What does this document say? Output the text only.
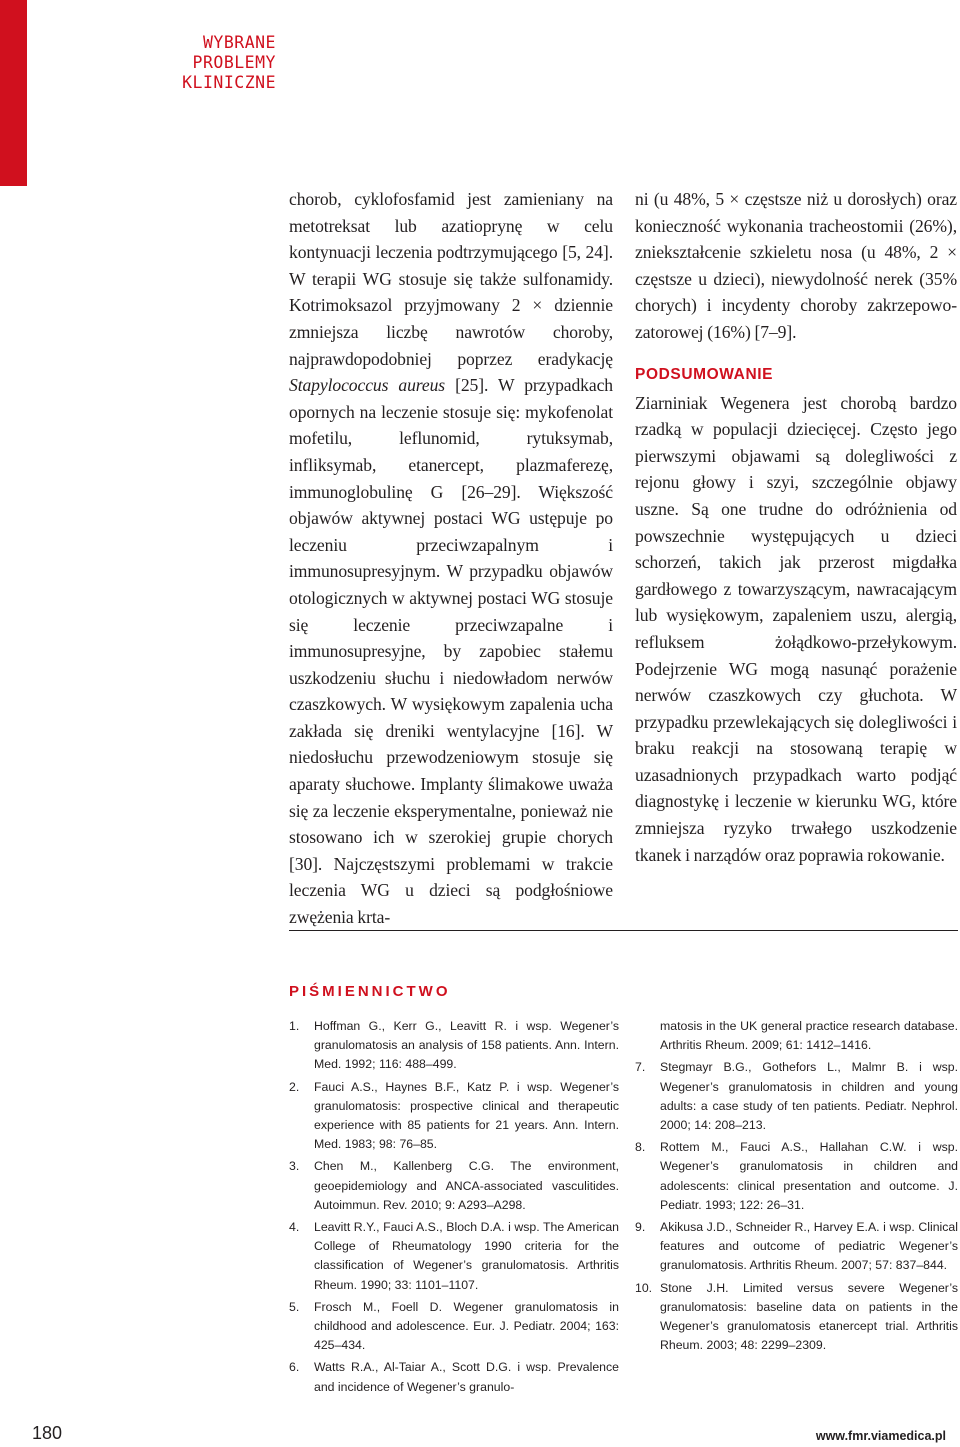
WYBRANE
PROBLEMY
KLINICZNE

chorob, cyklofosfamid jest zamieniany na metotreksat lub azatioprynę w celu kontynuacji leczenia podtrzymującego [5, 24]. W terapii WG stosuje się także sulfonamidy. Kotrimoksazol przyjmowany 2 × dziennie zmniejsza liczbę nawrotów choroby, najprawdopodobniej poprzez eradykację Stapylococcus aureus [25]. W przypadkach opornych na leczenie stosuje się: mykofenolat mofetilu, leflunomid, rytuksymab, infliksymab, etanercept, plazmaferezę, immunoglobulinę G [26–29]. Większość objawów aktywnej postaci WG ustępuje po leczeniu przeciwzapalnym i immunosupresyjnym. W przypadku objawów otologicznych w aktywnej postaci WG stosuje się leczenie przeciwzapalne i immunosupresyjne, by zapobiec stałemu uszkodzeniu słuchu i niedowładom nerwów czaszkowych. W wysiękowym zapalenia ucha zakłada się dreniki wentylacyjne [16]. W niedosłuchu przewodzeniowym stosuje się aparaty słuchowe. Implanty ślimakowe uważa się za leczenie eksperymentalne, ponieważ nie stosowano ich w szerokiej grupie chorych [30]. Najczęstszymi problemami w trakcie leczenia WG u dzieci są podgłośniowe zwężenia krta-

ni (u 48%, 5 × częstsze niż u dorosłych) oraz konieczność wykonania tracheostomii (26%), zniekształcenie szkieletu nosa (u 48%, 2 × częstsze u dzieci), niewydolność nerek (35% chorych) i incydenty choroby zakrzepowo-zatorowej (16%) [7–9].

PODSUMOWANIE

Ziarniniak Wegenera jest chorobą bardzo rzadką w populacji dziecięcej. Często jego pierwszymi objawami są dolegliwości z rejonu głowy i szyi, szczególnie objawy uszne. Są one trudne do odróżnienia od powszechnie występujących u dzieci schorzeń, takich jak przerost migdałka gardłowego z towarzyszącym, nawracającym lub wysiękowym, zapaleniem uszu, alergią, refluksem żołądkowo-przełykowym. Podejrzenie WG mogą nasunąć porażenie nerwów czaszkowych czy głuchota. W przypadku przewlekających się dolegliwości i braku reakcji na stosowaną terapię w uzasadnionych przypadkach warto podjąć diagnostykę i leczenie w kierunku WG, które zmniejsza ryzyko trwałego uszkodzenie tkanek i narządów oraz poprawia rokowanie.

PIŚMIENNICTWO
1.	Hoffman G., Kerr G., Leavitt R. i wsp. Wegener’s granulomatosis an analysis of 158 patients. Ann. Intern. Med. 1992; 116: 488–499.
2.	Fauci A.S., Haynes B.F., Katz P. i wsp. Wegener’s granulomatosis: prospective clinical and therapeutic experience with 85 patients for 21 years. Ann. Intern. Med. 1983; 98: 76–85.
3.	Chen M., Kallenberg C.G. The environment, geoepidemiology and ANCA-associated vasculitides. Autoimmun. Rev. 2010; 9: A293–A298.
4.	Leavitt R.Y., Fauci A.S., Bloch D.A. i wsp. The American College of Rheumatology 1990 criteria for the classification of Wegener’s granulomatosis. Arthritis Rheum. 1990; 33: 1101–1107.
5.	Frosch M., Foell D. Wegener granulomatosis in childhood and adolescence. Eur. J. Pediatr. 2004; 163: 425–434.
6.	Watts R.A., Al-Taiar A., Scott D.G. i wsp. Prevalence and incidence of Wegener’s granulo-
matosis in the UK general practice research database. Arthritis Rheum. 2009; 61: 1412–1416.
7.	Stegmayr B.G., Gothefors L., Malmr B. i wsp. Wegener’s granulomatosis in children and young adults: a case study of ten patients. Pediatr. Nephrol. 2000; 14: 208–213.
8.	Rottem M., Fauci A.S., Hallahan C.W. i wsp. Wegener’s granulomatosis in children and adolescents: clinical presentation and outcome. J. Pediatr. 1993; 122: 26–31.
9.	Akikusa J.D., Schneider R., Harvey E.A. i wsp. Clinical features and outcome of pediatric Wegener’s granulomatosis. Arthritis Rheum. 2007; 57: 837–844.
10. Stone J.H. Limited versus severe Wegener’s granulomatosis: baseline data on patients in the Wegener’s granulomatosis etanercept trial. Arthritis Rheum. 2003; 48: 2299–2309.
180	www.fmr.viamedica.pl
